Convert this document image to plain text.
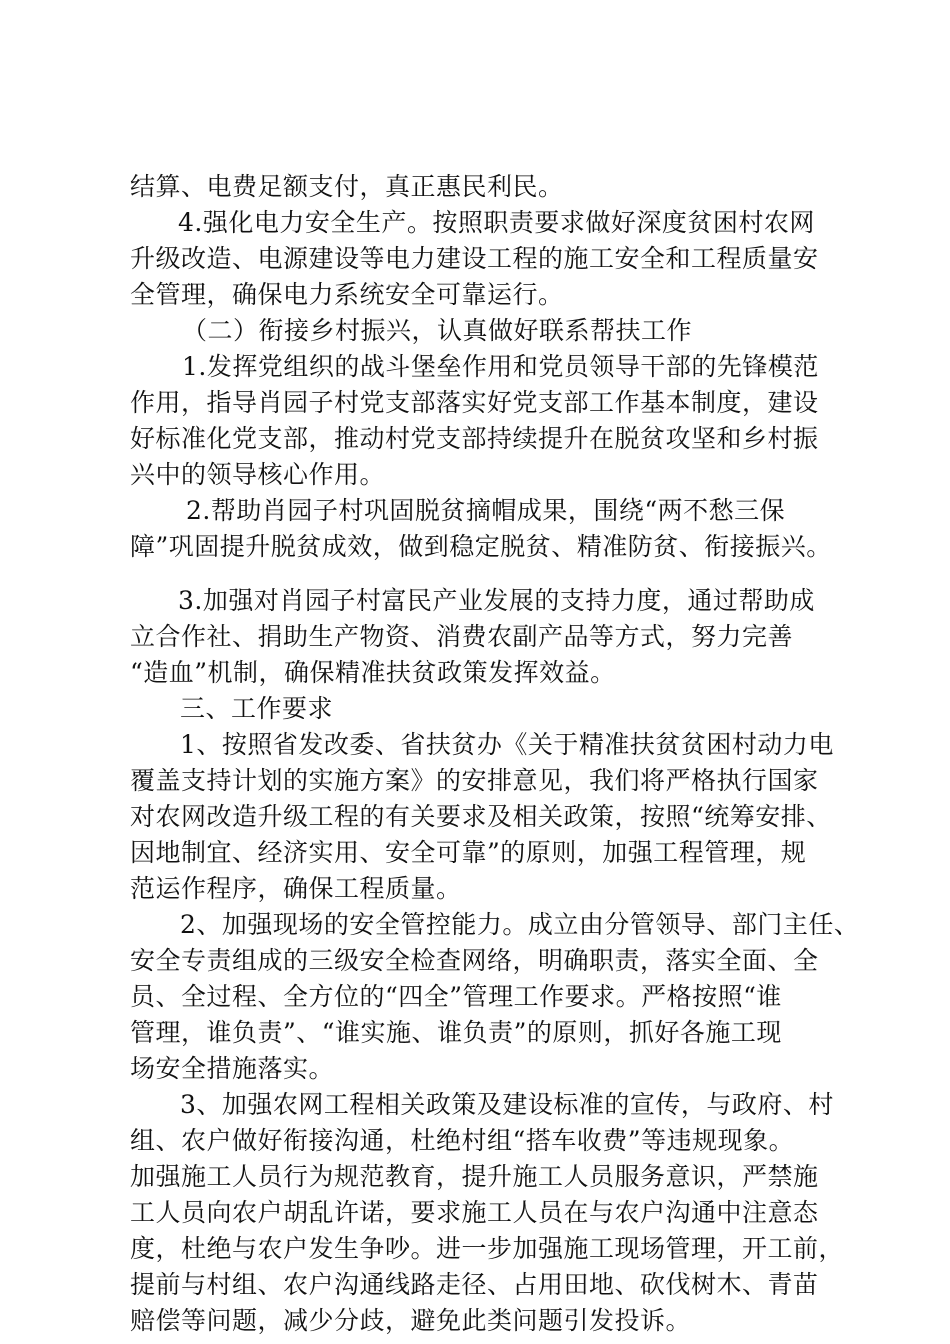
结算、电费足额支付，真正惠民利民。
4.强化电力安全生产。按照职责要求做好深度贫困村农网
升级改造、电源建设等电力建设工程的施工安全和工程质量安
全管理，确保电力系统安全可靠运行。
（二）衔接乡村振兴，认真做好联系帮扶工作
1.发挥党组织的战斗堡垒作用和党员领导干部的先锋模范
作用，指导肖园子村党支部落实好党支部工作基本制度，建设
好标准化党支部，推动村党支部持续提升在脱贫攻坚和乡村振
兴中的领导核心作用。
2.帮助肖园子村巩固脱贫摘帽成果，围绕“两不愁三保
障”巩固提升脱贫成效，做到稳定脱贫、精准防贫、衔接振兴。
3.加强对肖园子村富民产业发展的支持力度，通过帮助成
立合作社、捐助生产物资、消费农副产品等方式，努力完善
“造血”机制，确保精准扶贫政策发挥效益。
三、工作要求
1、按照省发改委、省扶贫办《关于精准扶贫贫困村动力电
覆盖支持计划的实施方案》的安排意见，我们将严格执行国家
对农网改造升级工程的有关要求及相关政策，按照“统筹安排、
因地制宜、经济实用、安全可靠”的原则，加强工程管理，规
范运作程序，确保工程质量。
2、加强现场的安全管控能力。成立由分管领导、部门主任、
安全专责组成的三级安全检查网络，明确职责，落实全面、全
员、全过程、全方位的“四全”管理工作要求。严格按照“谁
管理，谁负责”、“谁实施、谁负责”的原则，抓好各施工现
场安全措施落实。
3、加强农网工程相关政策及建设标准的宣传，与政府、村
组、农户做好衔接沟通，杜绝村组“搭车收费”等违规现象。
加强施工人员行为规范教育，提升施工人员服务意识，严禁施
工人员向农户胡乱许诺，要求施工人员在与农户沟通中注意态
度，杜绝与农户发生争吵。进一步加强施工现场管理，开工前，
提前与村组、农户沟通线路走径、占用田地、砍伐树木、青苗
赔偿等问题，减少分歧，避免此类问题引发投诉。
